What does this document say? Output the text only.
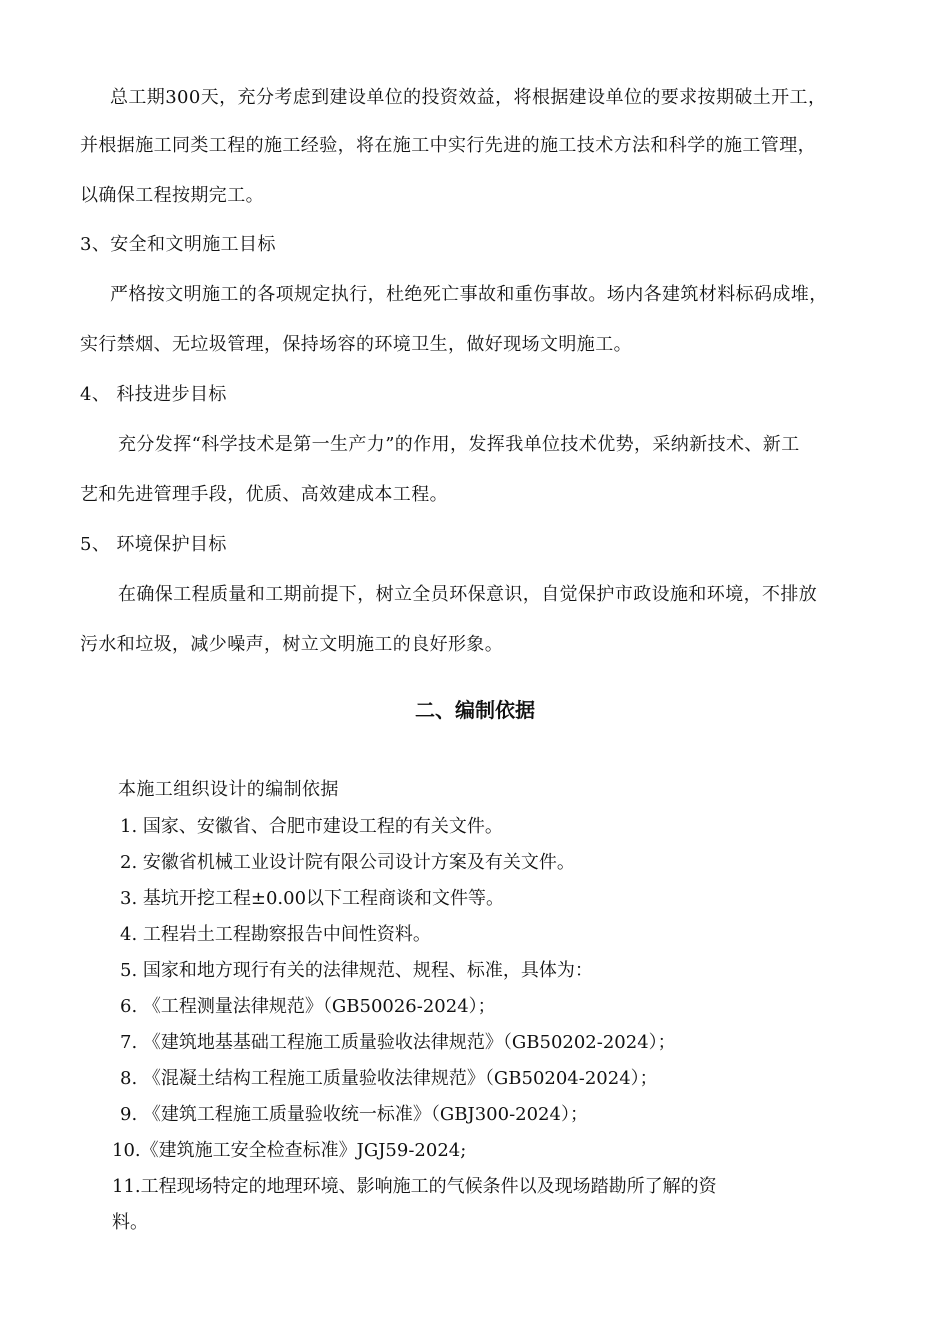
总工期300天，充分考虑到建设单位的投资效益，将根据建设单位的要求按期破土开工，
并根据施工同类工程的施工经验，将在施工中实行先进的施工技术方法和科学的施工管理，
以确保工程按期完工。
3、安全和文明施工目标
严格按文明施工的各项规定执行，杜绝死亡事故和重伤事故。场内各建筑材料标码成堆，
实行禁烟、无垃圾管理，保持场容的环境卫生，做好现场文明施工。
4、 科技进步目标
充分发挥“科学技术是第一生产力”的作用，发挥我单位技术优势，采纳新技术、新工
艺和先进管理手段，优质、高效建成本工程。
5、 环境保护目标
在确保工程质量和工期前提下，树立全员环保意识，自觉保护市政设施和环境，不排放
污水和垃圾，减少噪声，树立文明施工的良好形象。
二、编制依据
本施工组织设计的编制依据
1. 国家、安徽省、合肥市建设工程的有关文件。
2. 安徽省机械工业设计院有限公司设计方案及有关文件。
3. 基坑开挖工程±0.00以下工程商谈和文件等。
4. 工程岩土工程勘察报告中间性资料。
5. 国家和地方现行有关的法律规范、规程、标准，具体为：
6. 《工程测量法律规范》（GB50026-2024）；
7. 《建筑地基基础工程施工质量验收法律规范》（GB50202-2024）；
8. 《混凝土结构工程施工质量验收法律规范》（GB50204-2024）；
9. 《建筑工程施工质量验收统一标准》（GBJ300-2024）；
10.《建筑施工安全检查标准》JGJ59-2024;
11.工程现场特定的地理环境、影响施工的气候条件以及现场踏勘所了解的资
料。
